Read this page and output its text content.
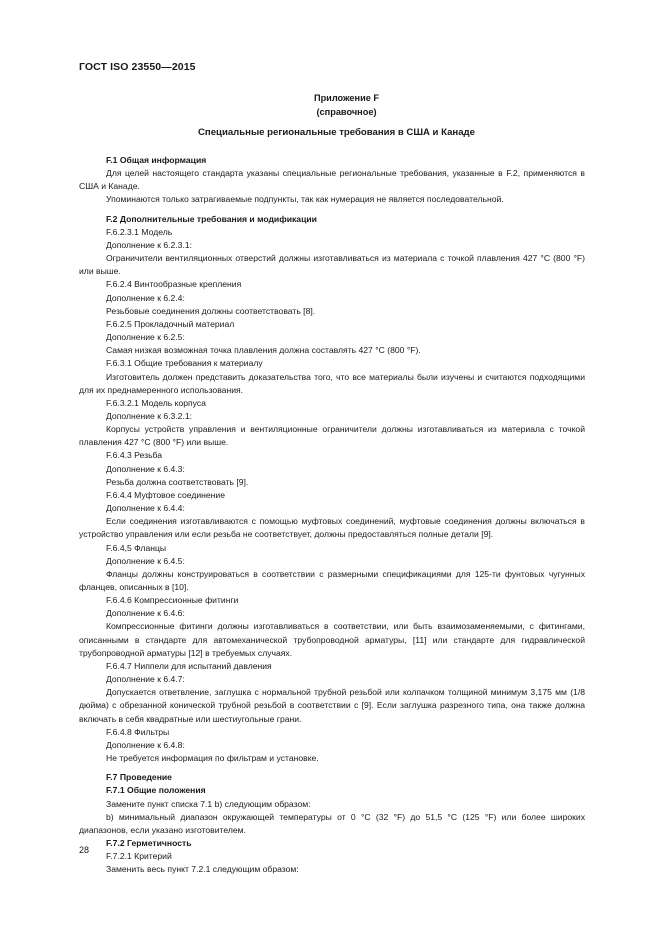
ГОСТ ISO 23550—2015
Приложение F
(справочное)
Специальные региональные требования в США и Канаде

F.1 Общая информация

Для целей настоящего стандарта указаны специальные региональные требования, указанные в F.2, применяются в США и Канаде.

Упоминаются только затрагиваемые подпункты, так как нумерация не является последовательной.

F.2 Дополнительные требования и модификации

F.6.2.3.1 Модель

Дополнение к 6.2.3.1:

Ограничители вентиляционных отверстий должны изготавливаться из материала с точкой плавления 427 °С (800 °F) или выше.

F.6.2.4 Винтообразные крепления

Дополнение к 6.2.4:

Резьбовые соединения должны соответствовать [8].

F.6.2.5 Прокладочный материал

Дополнение к 6.2.5:

Самая низкая возможная точка плавления должна составлять 427 °С (800 °F).

F.6.3.1 Общие требования к материалу

Изготовитель должен представить доказательства того, что все материалы были изучены и считаются подходящими для их преднамеренного использования.

F.6.3.2.1 Модель корпуса

Дополнение к 6.3.2.1:

Корпусы устройств управления и вентиляционные ограничители должны изготавливаться из материала с точкой плавления 427 °С (800 °F) или выше.

F.6.4.3 Резьба

Дополнение к 6.4.3:

Резьба должна соответствовать [9].

F.6.4.4 Муфтовое соединение

Дополнение к 6.4.4:

Если соединения изготавливаются с помощью муфтовых соединений, муфтовые соединения должны включаться в устройство управления или если резьба не соответствует, должны предоставляться полные детали [9].

F.6.4,5 Фланцы

Дополнение к 6.4.5:

Фланцы должны конструироваться в соответствии с размерными спецификациями для 125-ти фунтовых чугунных фланцев, описанных в [10].

F.6.4.6 Компрессионные фитинги

Дополнение к 6.4.6:

Компрессионные фитинги должны изготавливаться в соответствии, или быть взаимозаменяемыми, с фитингами, описанными в стандарте для автомеханической трубопроводной арматуры, [11] или стандарте для гидравлической трубопроводной арматуры [12] в требуемых случаях.

F.6.4.7 Ниппели для испытаний давления

Дополнение к 6.4.7:

Допускается ответвление, заглушка с нормальной трубной резьбой или колпачком толщиной минимум 3,175 мм (1/8 дюйма) с обрезанной конической трубной резьбой в соответствии с [9]. Если заглушка разрезного типа, она также должна включать в себя квадратные или шестиугольные грани.

F.6.4.8 Фильтры

Дополнение к 6.4.8:

Не требуется информация по фильтрам и установке.

F.7 Проведение

F.7.1 Общие положения

Замените пункт списка 7.1 b) следующим образом:

b) минимальный диапазон окружающей температуры от 0 °С (32 °F) до 51,5 °С (125 °F) или более широких диапазонов, если указано изготовителем.

F.7.2 Герметичность

F.7.2.1 Критерий

Заменить весь пункт 7.2.1 следующим образом:

28
